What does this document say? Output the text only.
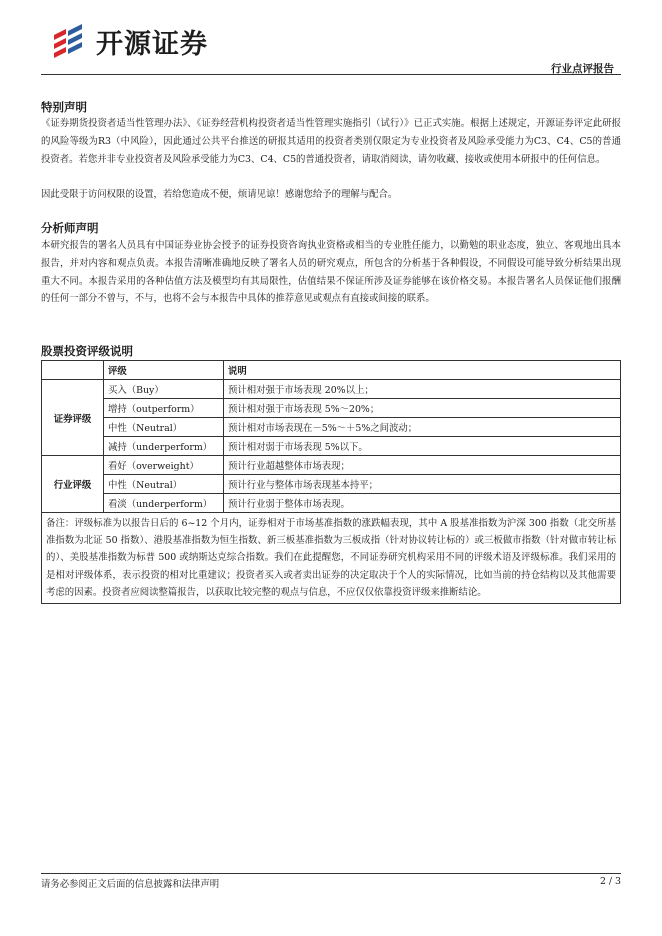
开源证券
行业点评报告
特别声明

《证券期货投资者适当性管理办法》、《证券经营机构投资者适当性管理实施指引（试行）》已正式实施。根据上述规定，开源证券评定此研报的风险等级为R3（中风险），因此通过公共平台推送的研报其适用的投资者类别仅限定为专业投资者及风险承受能力为C3、C4、C5的普通投资者。若您并非专业投资者及风险承受能力为C3、C4、C5的普通投资者，请取消阅读，请勿收藏、接收或使用本研报中的任何信息。

因此受限于访问权限的设置，若给您造成不便，烦请见谅！感谢您给予的理解与配合。

分析师声明

本研究报告的署名人员具有中国证券业协会授予的证券投资咨询执业资格或相当的专业胜任能力，以勤勉的职业态度，独立、客观地出具本报告，并对内容和观点负责。本报告清晰准确地反映了署名人员的研究观点，所包含的分析基于各种假设，不同假设可能导致分析结果出现重大不同。本报告采用的各种估值方法及模型均有其局限性，估值结果不保证所涉及证券能够在该价格交易。本报告署名人员保证他们报酬的任何一部分不曾与，不与，也将不会与本报告中具体的推荐意见或观点有直接或间接的联系。

股票投资评级说明
	评级	说明
证券评级	买入（Buy）	预计相对强于市场表现 20%以上；
	增持（outperform）	预计相对强于市场表现 5%～20%；
	中性（Neutral）	预计相对市场表现在－5%～＋5%之间波动；
	减持（underperform）	预计相对弱于市场表现 5%以下。
行业评级	看好（overweight）	预计行业超越整体市场表现；
	中性（Neutral）	预计行业与整体市场表现基本持平；
	看淡（underperform）	预计行业弱于整体市场表现。
备注：评级标准为以报告日后的 6~12 个月内，证券相对于市场基准指数的涨跌幅表现，其中 A 股基准指数为沪深 300 指数（北交所基准指数为北证 50 指数）、港股基准指数为恒生指数、新三板基准指数为三板成指（针对协议转让标的）或三板做市指数（针对做市转让标的）、美股基准指数为标普 500 或纳斯达克综合指数。我们在此提醒您，不同证券研究机构采用不同的评级术语及评级标准。我们采用的是相对评级体系，表示投资的相对比重建议；投资者买入或者卖出证券的决定取决于个人的实际情况，比如当前的持仓结构以及其他需要考虑的因素。投资者应阅读整篇报告，以获取比较完整的观点与信息，不应仅仅依靠投资评级来推断结论。		
请务必参阅正文后面的信息披露和法律声明	2 / 3
